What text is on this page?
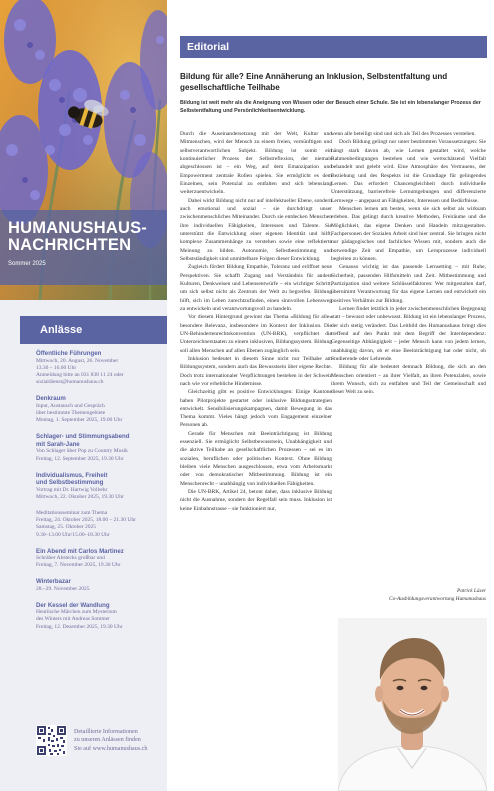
HUMANUSHAUS-
NACHRICHTEN
Sommer 2025
Anlässe
Öffentliche Führungen
Mittwoch, 20. August, 26. November
13.30 – 16.00 Uhr
Anmeldung bitte an 031 838 11 24 oder
sozialdienst@humanushaus.ch
Denkraum
Input, Austausch und Gespräch
über bestimmte Themengebiete
Montag, 1. September 2025, 19.00 Uhr
Schlager- und Stimmungsabend
mit Sarah-Jane
Von Schlager über Pop zu Country Musik
Freitag, 12. September 2025, 19.30 Uhr
Individualismus, Freiheit
und Selbstbestimmung
Vortrag mit Dr. Hartwig Volbehr
Mittwoch, 22. Oktober 2025, 19.30 Uhr
Meditationsseminar zum Thema
Freitag, 24. Oktober 2025, 18.00 – 21.30 Uhr
Samstag, 25. Oktober 2025
9.30–13.00 Uhr/15.00–18.30 Uhr
Ein Abend mit Carlos Martinez
Schräber Abstecks großbar und
Freitag, 7. November 2025, 19.30 Uhr
Winterbazar
28.–29. November 2025
Der Kessel der Wandlung
Heutiische Märchen zum Mysterium
des Winters mit Andreas Sommer
Freitag, 12. Dezember 2025, 19.30 Uhr
Detaillierte Informationen
zu unseren Anlässen finden
Sie auf www.humanushaus.ch
Editorial
Bildung für alle? Eine Annäherung an Inklusion, Selbstentfaltung und gesellschaftliche Teilhabe
Bildung ist weit mehr als die Aneignung von Wissen oder der Besuch einer Schule. Sie ist ein lebenslanger Prozess der Selbstentfaltung und Persönlichkeitsentwicklung.

Durch die Auseinandersetzung mit der Welt, Kultur und Mitmenschen, wird der Mensch zu einem freien, vernünftigen und selbstverantwortlichen Subjekt. Bildung ist somit ein kontinuierlicher Prozess der Selbstreflexion, der niemals abgeschlossen ist – ein Weg, auf dem Emanzipation und Empowerment zentrale Rollen spielen. Sie ermöglicht es dem Einzelnen, sein Potenzial zu entfalten und sich lebenslang weiterzuentwickeln.

Dabei wirkt Bildung nicht nur auf intellektueller Ebene, sondern auch emotional und sozial – sie durchdringt unser zwischenmenschliches Miteinander. Durch sie entdecken Menschen ihre individuellen Fähigkeiten, Interessen und Talente. Sie unterstützt die Entwicklung einer eigenen Identität und hilft, komplexe Zusammenhänge zu verstehen sowie eine reflektierte Meinung zu bilden. Autonomie, Selbstbestimmung und Selbstständigkeit sind unmittelbare Folgen dieser Entwicklung.

Zugleich fördert Bildung Empathie, Toleranz und eröffnet neue Perspektiven. Sie schafft Zugang und Verständnis für andere Kulturen, Denkweisen und Lebensentwürfe – ein wichtiger Schritt, um sich selbst nicht als Zentrum der Welt zu begreifen. Bildung hilft, sich im Leben zurechtzufinden, einen sinnvollen Lebensweg zu entwickeln und verantwortungsvoll zu handeln.

Vor diesem Hintergrund gewinnt das Thema «Bildung für alle» besondere Relevanz, insbesondere im Kontext der Inklusion. Die UN-Behindertenrechtskonvention (UN-BRK), verpflichtet die Unterzeichnerstaaten zu einem inklusiven, Bildungssystem. Bildung soll allen Menschen auf allen Ebenen zugänglich sein.

Inklusion bedeutet in diesem Sinne nicht nur Teilhabe am Bildungssystem, sondern auch das Bewusstsein über eigene Rechte. Doch trotz internationaler Verpflichtungen bestehen in der Schweiz nach wie vor erhebliche Hindernisse.

Gleichzeitig gibt es positive Entwicklungen: Einige Kantone haben Pilotprojekte gestartet oder inklusive Bildungsstrategien entwickelt. Sensibilisierungskampagnen, damit Bewegung in das Thema kommt. Vieles hängt jedoch vom Engagement einzelner Personen ab.

Gerade für Menschen mit Beeinträchtigung ist Bildung essenziell. Sie ermöglicht Selbstbewusstsein, Unabhängigkeit und die aktive Teilhabe an gesellschaftlichen Prozessen – sei es im sozialen, beruflichen oder politischen Kontext. Ohne Bildung bleiben viele Menschen ausgeschlossen, etwa vom Arbeitsmarkt oder von demokratischer Mitbestimmung. Bildung ist ein Menschenrecht – unabhängig von individuellen Fähigkeiten.

Die UN-BRK, Artikel 24, betont daher, dass inklusive Bildung nicht die Ausnahme, sondern der Regelfall sein muss. Inklusion ist keine Einbahnstrasse – sie funktioniert nur,

wenn alle beteiligt sind und sich als Teil des Prozesses verstehen.

Doch Bildung gelingt nur unter bestimmten Voraussetzungen: Sie hängt stark davon ab, wie Lernen gestaltet wird, welche Rahmenbedingungen bestehen und wie wertschätzend Vielfalt behandelt und gelebt wird. Eine Atmosphäre des Vertrauens, der Beziehung und des Respekts ist die Grundlage für gelingendes Lernen. Das erfordert Chancengleichheit durch individuelle Unterstützung, barrierefreie Lernumgebungen und differenzierte Lernwege – angepasst an Fähigkeiten, Interessen und Bedürfnisse.

Menschen lernen am besten, wenn sie sich selbst als wirksam erleben. Das gelingt durch kreative Methoden, Freiräume und die Möglichkeit, das eigene Denken und Handeln mitzugestalten. Fachpersonen der Sozialen Arbeit sind hier zentral. Sie bringen nicht nur pädagogisches und fachliches Wissen mit, sondern auch die notwendige Zeit und Empathie, um Lernprozesse individuell begleiten zu können.

Genauso wichtig ist das passende Lernsetting – mit Ruhe, Sicherheit, passenden Hilfsmitteln und Zeit. Mitbestimmung und Partizipation sind weitere Schlüsselfaktoren: Wer mitgestalten darf, übernimmt Verantwortung für das eigene Lernen und entwickelt ein positives Verhältnis zur Bildung.

Lernen findet letztlich in jeder zwischenmenschlichen Begegnung statt – bewusst oder unbewusst. Bildung ist ein lebenslanger Prozess, der sich stetig verändert. Das Leitbild des Humanushaus bringt dies treffend auf den Punkt mit dem Begriff der Interdependenz: Gegenseitige Abhängigkeit – jeder Mensch kann von jedem lernen, unabhängig davon, ob er eine Beeinträchtigung hat oder nicht, ob Studierende oder Lehrende.

Bildung für alle bedeutet demnach Bildung, die sich an den Menschen orientiert – an ihrer Vielfalt, an ihren Potenzialen, sowie ihrem Wunsch, sich zu entfalten und Teil der Gemeinschaft und dieser Welt zu sein.

Patrick Läser
Co-Ausbildungsverantwortung Humanushaus
